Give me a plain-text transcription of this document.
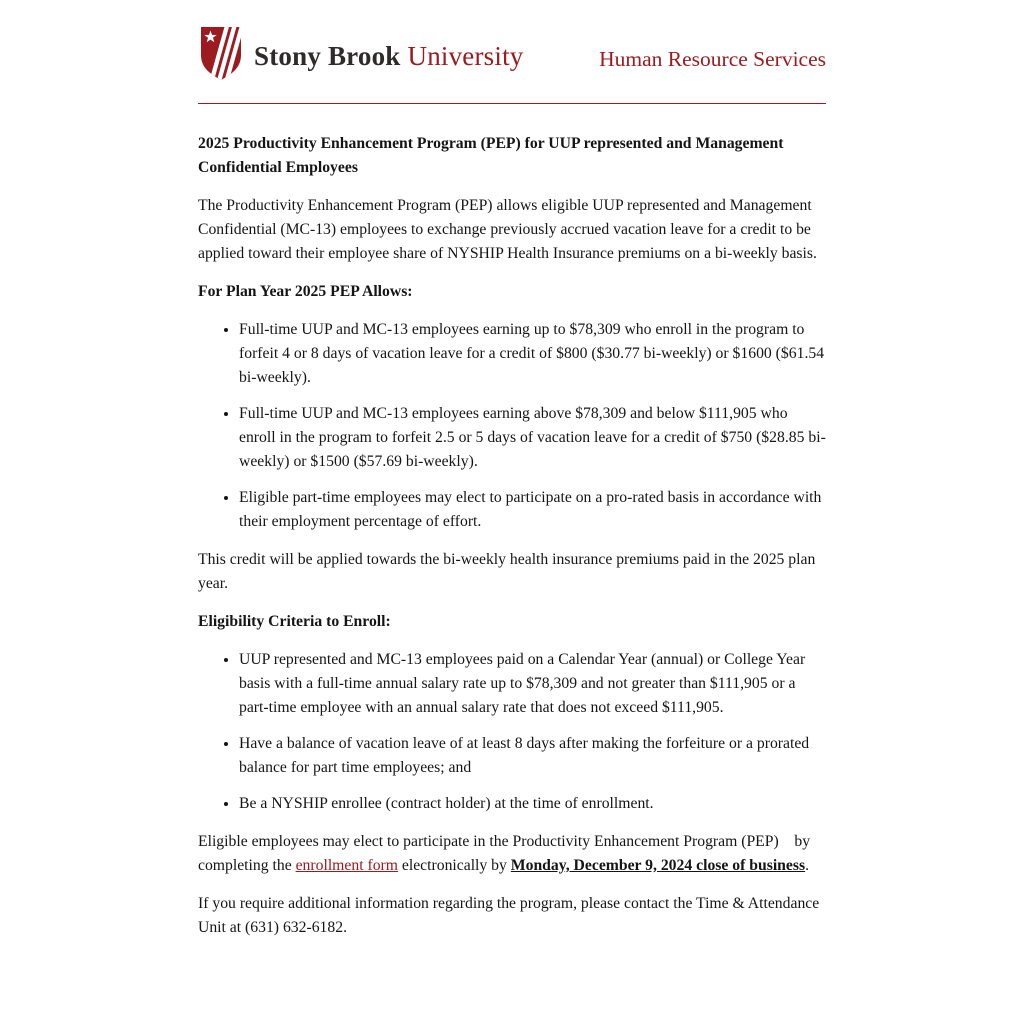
Stony Brook University	Human Resource Services

2025 Productivity Enhancement Program (PEP) for UUP represented and Management Confidential Employees

The Productivity Enhancement Program (PEP) allows eligible UUP represented and Management Confidential (MC-13) employees to exchange previously accrued vacation leave for a credit to be applied toward their employee share of NYSHIP Health Insurance premiums on a bi-weekly basis.

For Plan Year 2025 PEP Allows:

• Full-time UUP and MC-13 employees earning up to $78,309 who enroll in the program to forfeit 4 or 8 days of vacation leave for a credit of $800 ($30.77 bi-weekly) or $1600 ($61.54 bi-weekly).
• Full-time UUP and MC-13 employees earning above $78,309 and below $111,905 who enroll in the program to forfeit 2.5 or 5 days of vacation leave for a credit of $750 ($28.85 bi-weekly) or $1500 ($57.69 bi-weekly).
• Eligible part-time employees may elect to participate on a pro-rated basis in accordance with their employment percentage of effort.

This credit will be applied towards the bi-weekly health insurance premiums paid in the 2025 plan year.

Eligibility Criteria to Enroll:

• UUP represented and MC-13 employees paid on a Calendar Year (annual) or College Year basis with a full-time annual salary rate up to $78,309 and not greater than $111,905 or a part-time employee with an annual salary rate that does not exceed $111,905.
• Have a balance of vacation leave of at least 8 days after making the forfeiture or a prorated balance for part time employees; and
• Be a NYSHIP enrollee (contract holder) at the time of enrollment.

Eligible employees may elect to participate in the Productivity Enhancement Program (PEP)    by completing the enrollment form electronically by Monday, December 9, 2024 close of business.

If you require additional information regarding the program, please contact the Time & Attendance Unit at (631) 632-6182.
